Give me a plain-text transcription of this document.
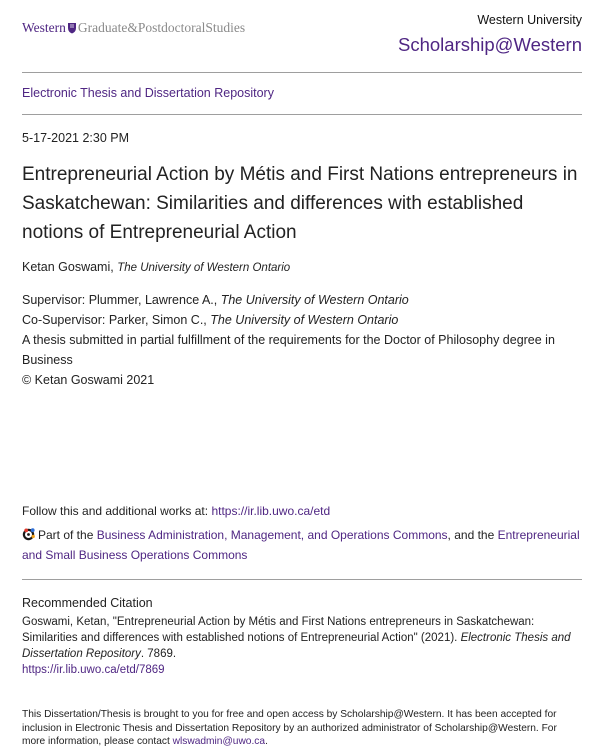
Western Graduate&PostdoctoralStudies	Western University
Scholarship@Western
Electronic Thesis and Dissertation Repository
5-17-2021 2:30 PM
Entrepreneurial Action by Métis and First Nations entrepreneurs in Saskatchewan: Similarities and differences with established notions of Entrepreneurial Action
Ketan Goswami, The University of Western Ontario
Supervisor: Plummer, Lawrence A., The University of Western Ontario
Co-Supervisor: Parker, Simon C., The University of Western Ontario
A thesis submitted in partial fulfillment of the requirements for the Doctor of Philosophy degree in Business
© Ketan Goswami 2021
Follow this and additional works at: https://ir.lib.uwo.ca/etd
Part of the Business Administration, Management, and Operations Commons, and the Entrepreneurial and Small Business Operations Commons
Recommended Citation
Goswami, Ketan, "Entrepreneurial Action by Métis and First Nations entrepreneurs in Saskatchewan: Similarities and differences with established notions of Entrepreneurial Action" (2021). Electronic Thesis and Dissertation Repository. 7869.
https://ir.lib.uwo.ca/etd/7869
This Dissertation/Thesis is brought to you for free and open access by Scholarship@Western. It has been accepted for inclusion in Electronic Thesis and Dissertation Repository by an authorized administrator of Scholarship@Western. For more information, please contact wlswadmin@uwo.ca.
